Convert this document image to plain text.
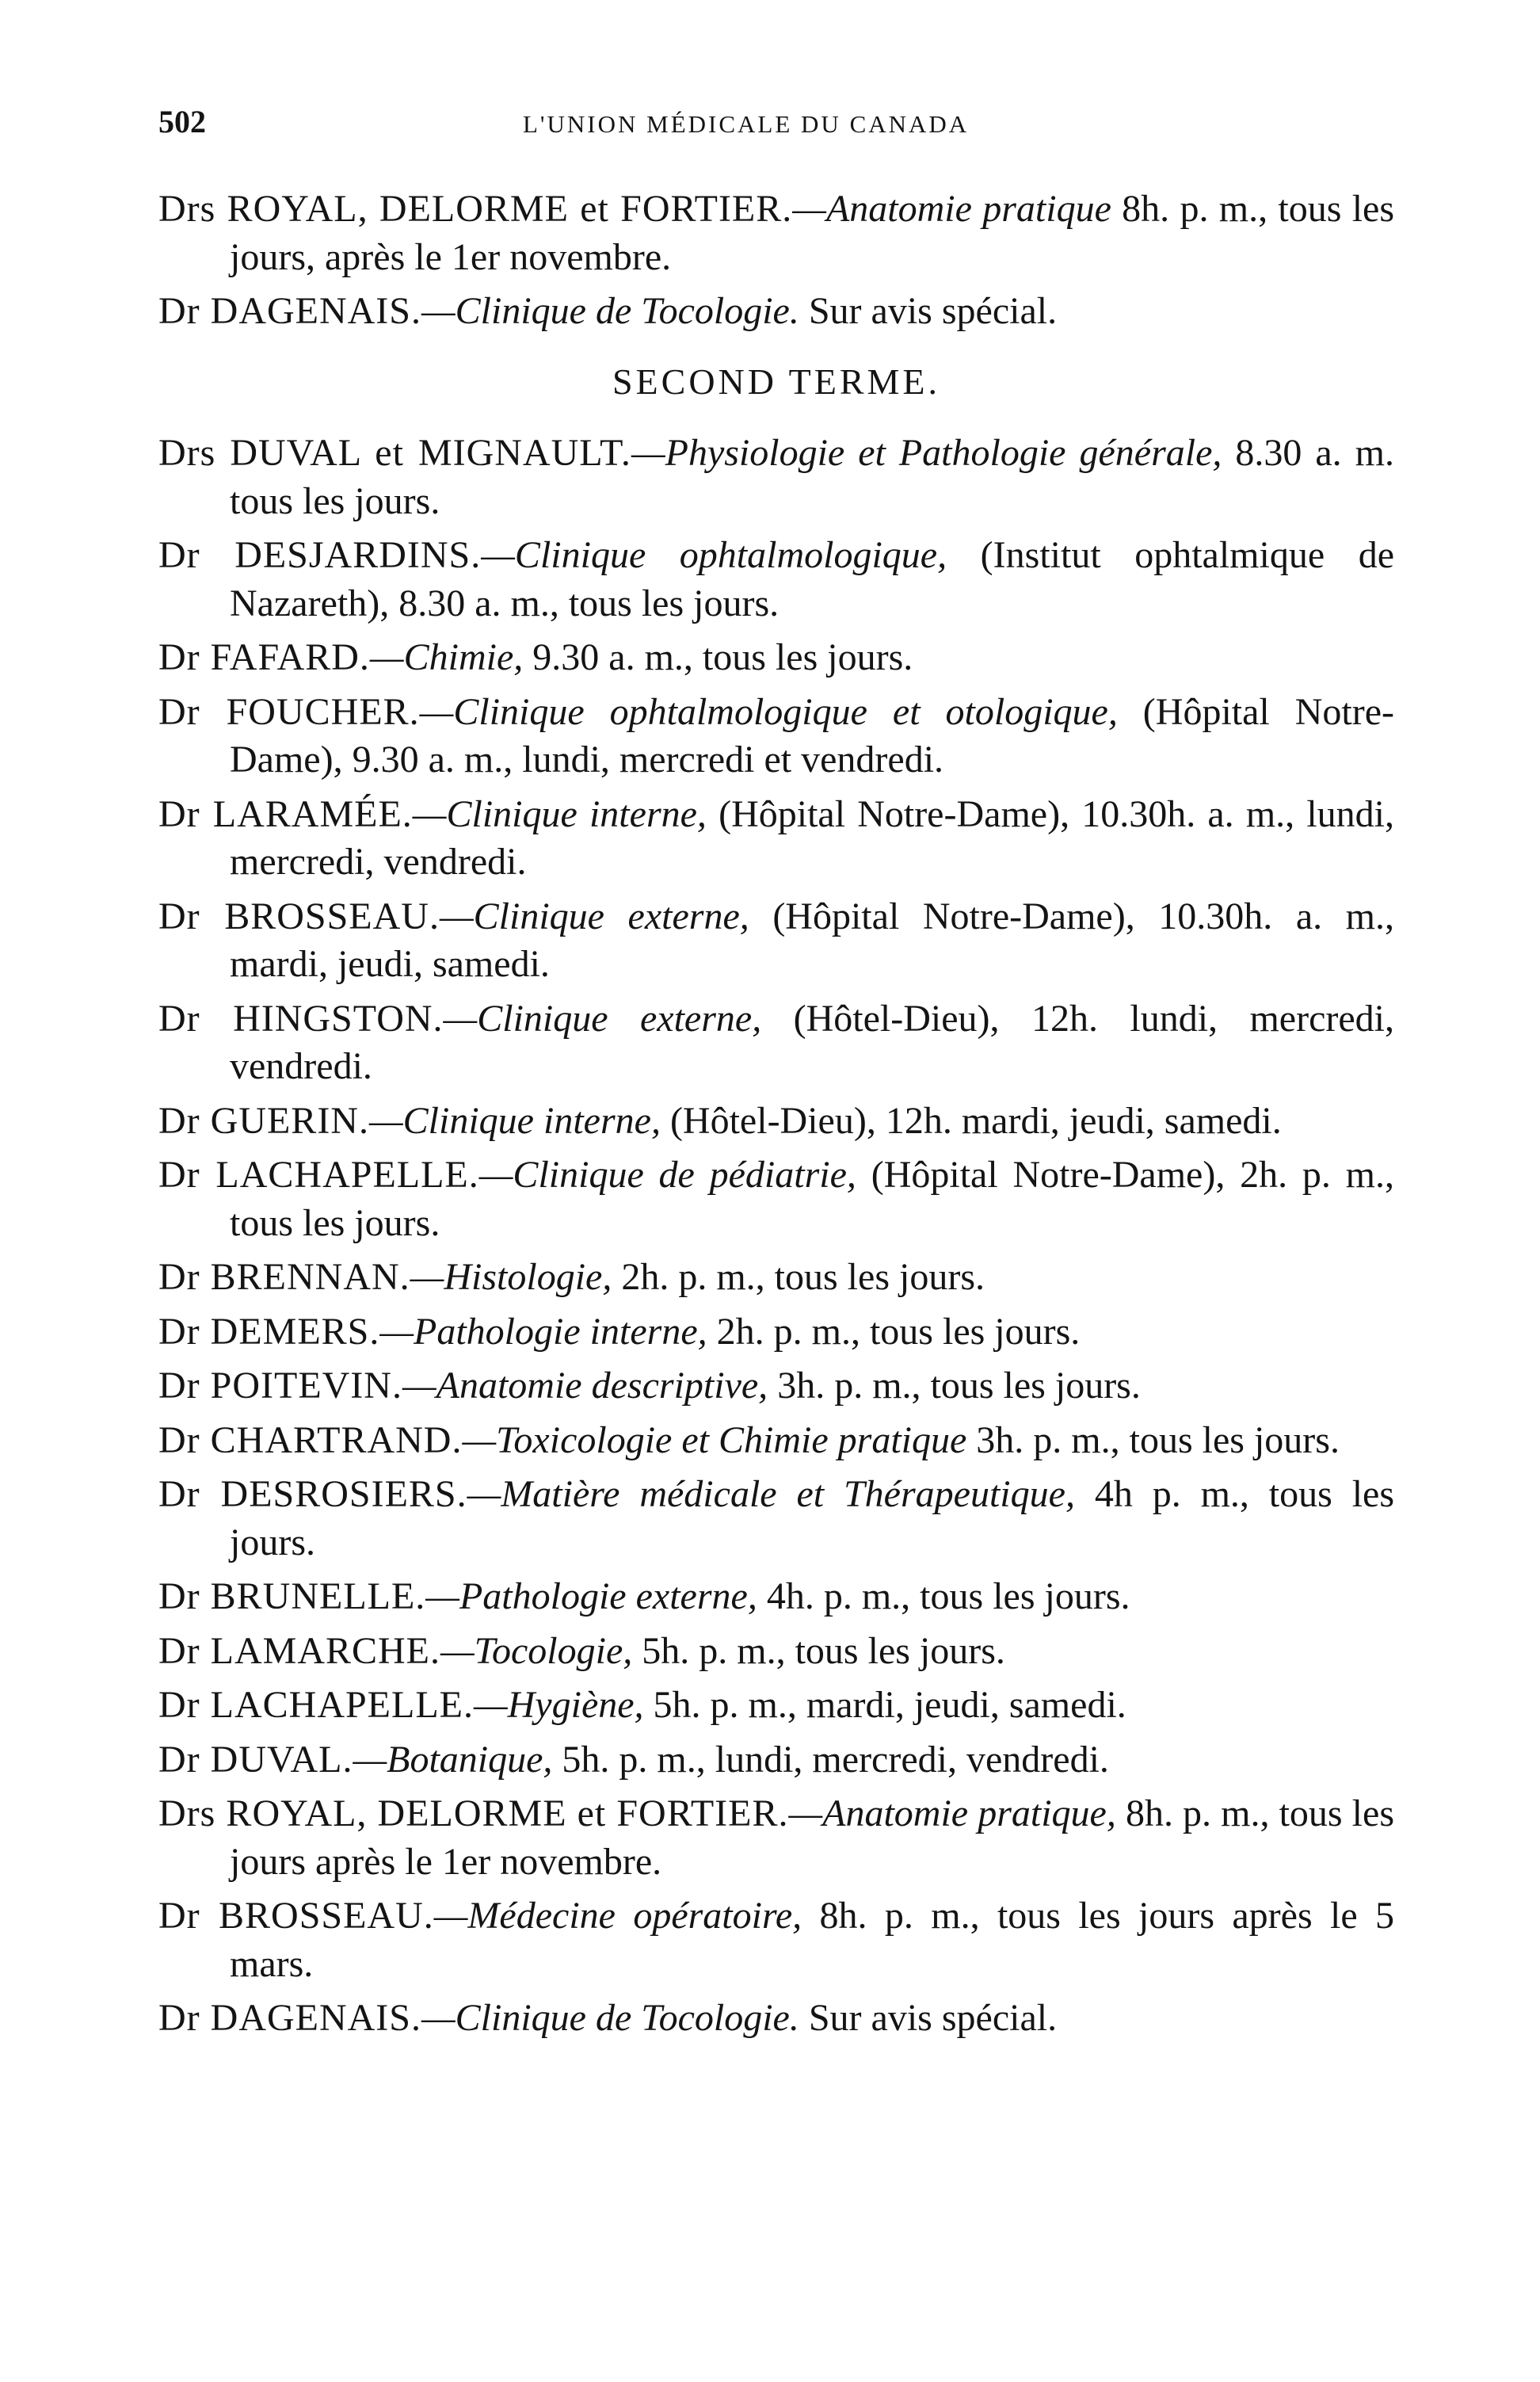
502	L'UNION MÉDICALE DU CANADA

Drs ROYAL, DELORME et FORTIER.—Anatomie pratique 8h. p. m., tous les jours, après le 1er novembre.

Dr DAGENAIS.—Clinique de Tocologie. Sur avis spécial.

SECOND TERME.

Drs DUVAL et MIGNAULT.—Physiologie et Pathologie générale, 8.30 a. m. tous les jours.

Dr DESJARDINS.—Clinique ophtalmologique, (Institut ophtalmique de Nazareth), 8.30 a. m., tous les jours.

Dr FAFARD.—Chimie, 9.30 a. m., tous les jours.

Dr FOUCHER.—Clinique ophtalmologique et otologique, (Hôpital Notre-Dame), 9.30 a. m., lundi, mercredi et vendredi.

Dr LARAMÉE.—Clinique interne, (Hôpital Notre-Dame), 10.30h. a. m., lundi, mercredi, vendredi.

Dr BROSSEAU.—Clinique externe, (Hôpital Notre-Dame), 10.30h. a. m., mardi, jeudi, samedi.

Dr HINGSTON.—Clinique externe, (Hôtel-Dieu), 12h. lundi, mercredi, vendredi.

Dr GUERIN.—Clinique interne, (Hôtel-Dieu), 12h. mardi, jeudi, samedi.

Dr LACHAPELLE.—Clinique de pédiatrie, (Hôpital Notre-Dame), 2h. p. m., tous les jours.

Dr BRENNAN.—Histologie, 2h. p. m., tous les jours.

Dr DEMERS.—Pathologie interne, 2h. p. m., tous les jours.

Dr POITEVIN.—Anatomie descriptive, 3h. p. m., tous les jours.

Dr CHARTRAND.—Toxicologie et Chimie pratique 3h. p. m., tous les jours.

Dr DESROSIERS.—Matière médicale et Thérapeutique, 4h p. m., tous les jours.

Dr BRUNELLE.—Pathologie externe, 4h. p. m., tous les jours.

Dr LAMARCHE.—Tocologie, 5h. p. m., tous les jours.

Dr LACHAPELLE.—Hygiène, 5h. p. m., mardi, jeudi, samedi.

Dr DUVAL.—Botanique, 5h. p. m., lundi, mercredi, vendredi.

Drs ROYAL, DELORME et FORTIER.—Anatomie pratique, 8h. p. m., tous les jours après le 1er novembre.

Dr BROSSEAU.—Médecine opératoire, 8h. p. m., tous les jours après le 5 mars.

Dr DAGENAIS.—Clinique de Tocologie. Sur avis spécial.
